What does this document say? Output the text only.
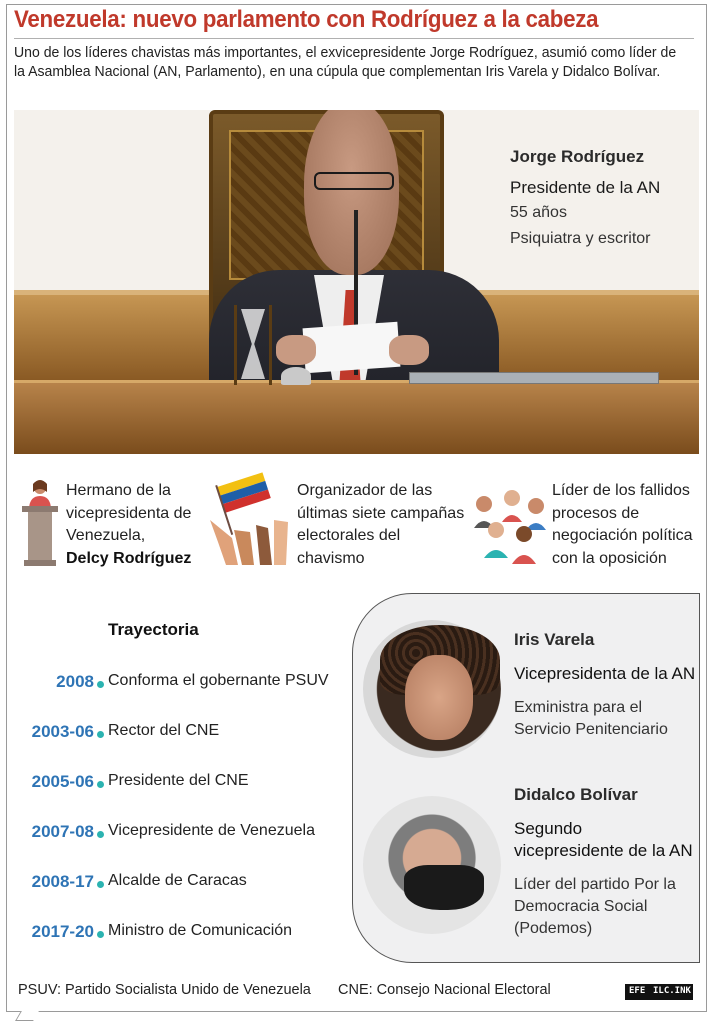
Venezuela: nuevo parlamento con Rodríguez a la cabeza
Uno de los líderes chavistas más importantes, el exvicepresidente Jorge Rodríguez, asumió como líder de la Asamblea Nacional (AN, Parlamento), en una cúpula que complementan Iris Varela y Didalco Bolívar.
Jorge Rodríguez
Presidente de la AN
55 años
Psiquiatra y escritor
Hermano de la vicepresidenta de Venezuela,
Delcy Rodríguez
Organizador de las últimas siete campañas electorales del chavismo
Líder de los fallidos procesos de negociación política con la oposición
Trayectoria
2008 Conforma el gobernante PSUV
2003-06 Rector del CNE
2005-06 Presidente del CNE
2007-08 Vicepresidente de Venezuela
2008-17 Alcalde de Caracas
2017-20 Ministro de Comunicación
Iris Varela
Vicepresidenta de la AN
Exministra para el
Servicio Penitenciario
Didalco Bolívar
Segundo
vicepresidente de la AN
Líder del partido Por la
Democracia Social
(Podemos)
PSUV: Partido Socialista Unido de Venezuela CNE: Consejo Nacional Electoral	EFE ILC.INK
